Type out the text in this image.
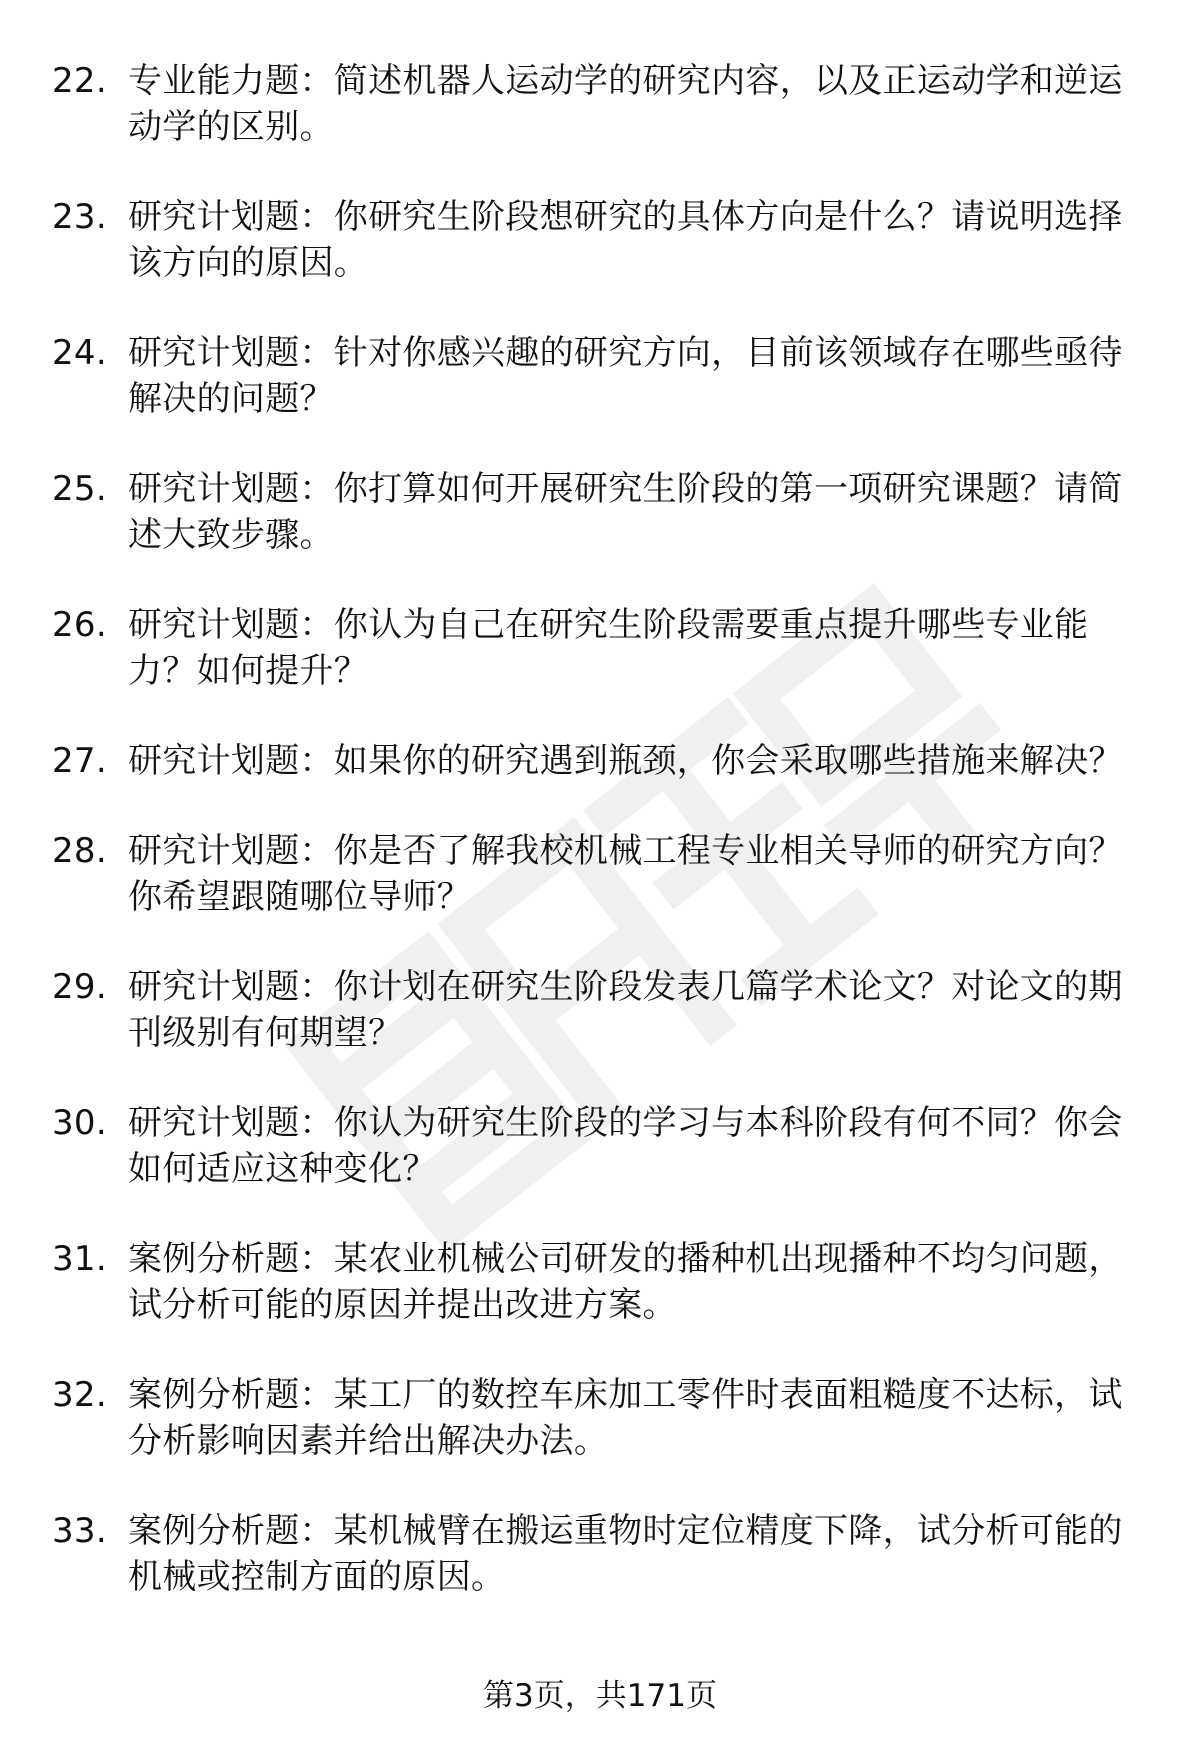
22. 专业能力题：简述机器人运动学的研究内容，以及正运动学和逆运动学的区别。
23. 研究计划题：你研究生阶段想研究的具体方向是什么？请说明选择该方向的原因。
24. 研究计划题：针对你感兴趣的研究方向，目前该领域存在哪些亟待解决的问题？
25. 研究计划题：你打算如何开展研究生阶段的第一项研究课题？请简述大致步骤。
26. 研究计划题：你认为自己在研究生阶段需要重点提升哪些专业能力？如何提升？
27. 研究计划题：如果你的研究遇到瓶颈，你会采取哪些措施来解决？
28. 研究计划题：你是否了解我校机械工程专业相关导师的研究方向？你希望跟随哪位导师？
29. 研究计划题：你计划在研究生阶段发表几篇学术论文？对论文的期刊级别有何期望？
30. 研究计划题：你认为研究生阶段的学习与本科阶段有何不同？你会如何适应这种变化？
31. 案例分析题：某农业机械公司研发的播种机出现播种不均匀问题，试分析可能的原因并提出改进方案。
32. 案例分析题：某工厂的数控车床加工零件时表面粗糙度不达标，试分析影响因素并给出解决办法。
33. 案例分析题：某机械臂在搬运重物时定位精度下降，试分析可能的机械或控制方面的原因。
第3页，共171页
